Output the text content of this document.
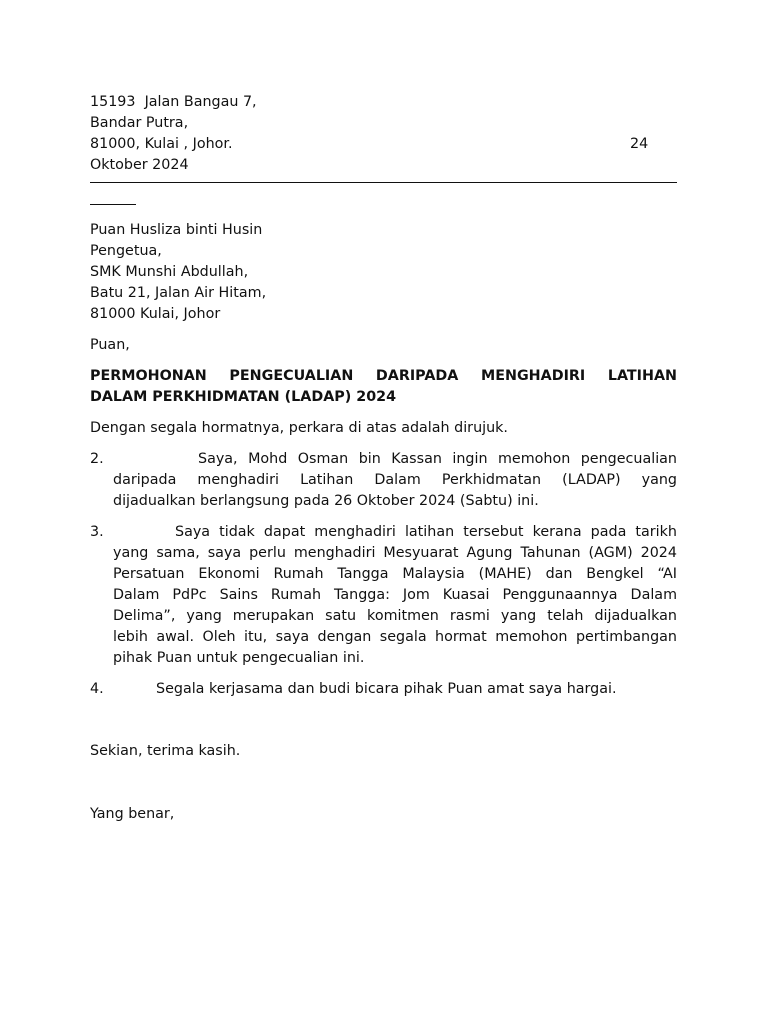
15193  Jalan Bangau 7,
Bandar Putra,
81000, Kulai , Johor.	24
Oktober 2024
Puan Husliza binti Husin
Pengetua,
SMK Munshi Abdullah,
Batu 21, Jalan Air Hitam,
81000 Kulai, Johor
Puan,
PERMOHONAN PENGECUALIAN DARIPADA MENGHADIRI LATIHAN
DALAM PERKHIDMATAN (LADAP) 2024
Dengan segala hormatnya, perkara di atas adalah dirujuk.
2.	Saya, Mohd Osman bin Kassan ingin memohon pengecualian
daripada menghadiri Latihan Dalam Perkhidmatan (LADAP) yang
dijadualkan berlangsung pada 26 Oktober 2024 (Sabtu) ini.
3.	Saya tidak dapat menghadiri latihan tersebut kerana pada tarikh
yang sama, saya perlu menghadiri Mesyuarat Agung Tahunan (AGM) 2024
Persatuan Ekonomi Rumah Tangga Malaysia (MAHE) dan Bengkel “AI
Dalam PdPc Sains Rumah Tangga: Jom Kuasai Penggunaannya Dalam
Delima”, yang merupakan satu komitmen rasmi yang telah dijadualkan
lebih awal. Oleh itu, saya dengan segala hormat memohon pertimbangan
pihak Puan untuk pengecualian ini.
4.	Segala kerjasama dan budi bicara pihak Puan amat saya hargai.
Sekian, terima kasih.
Yang benar,
